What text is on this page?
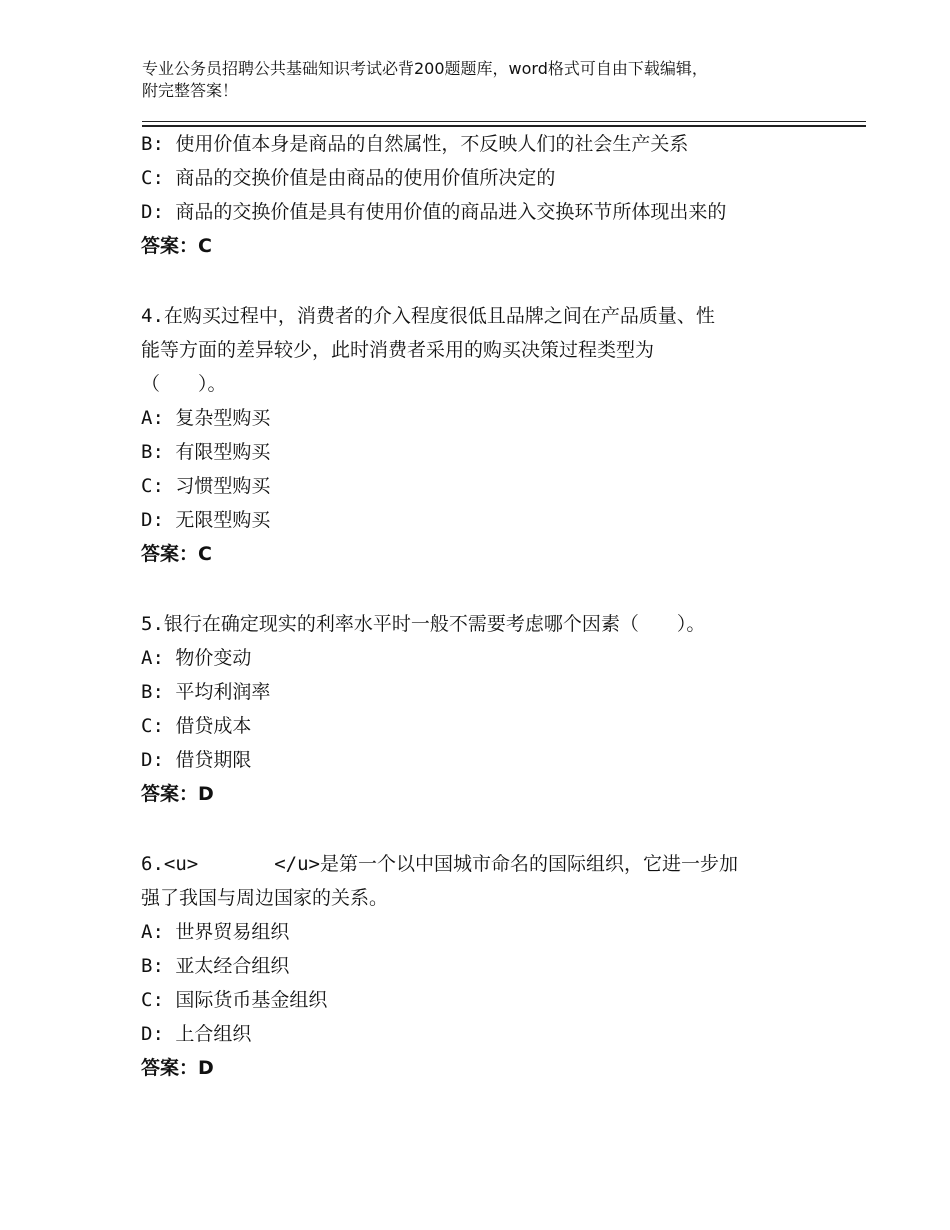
专业公务员招聘公共基础知识考试必背200题题库，word格式可自由下载编辑，
附完整答案！
B: 使用价值本身是商品的自然属性，不反映人们的社会生产关系
C: 商品的交换价值是由商品的使用价值所决定的
D: 商品的交换价值是具有使用价值的商品进入交换环节所体现出来的
答案：C
4.在购买过程中，消费者的介入程度很低且品牌之间在产品质量、性
能等方面的差异较少，此时消费者采用的购买决策过程类型为
（　　）。
A: 复杂型购买
B: 有限型购买
C: 习惯型购买
D: 无限型购买
答案：C
5.银行在确定现实的利率水平时一般不需要考虑哪个因素（　　）。
A: 物价变动
B: 平均利润率
C: 借贷成本
D: 借贷期限
答案：D
6.<u>　　　　</u>是第一个以中国城市命名的国际组织，它进一步加
强了我国与周边国家的关系。
A: 世界贸易组织
B: 亚太经合组织
C: 国际货币基金组织
D: 上合组织
答案：D
